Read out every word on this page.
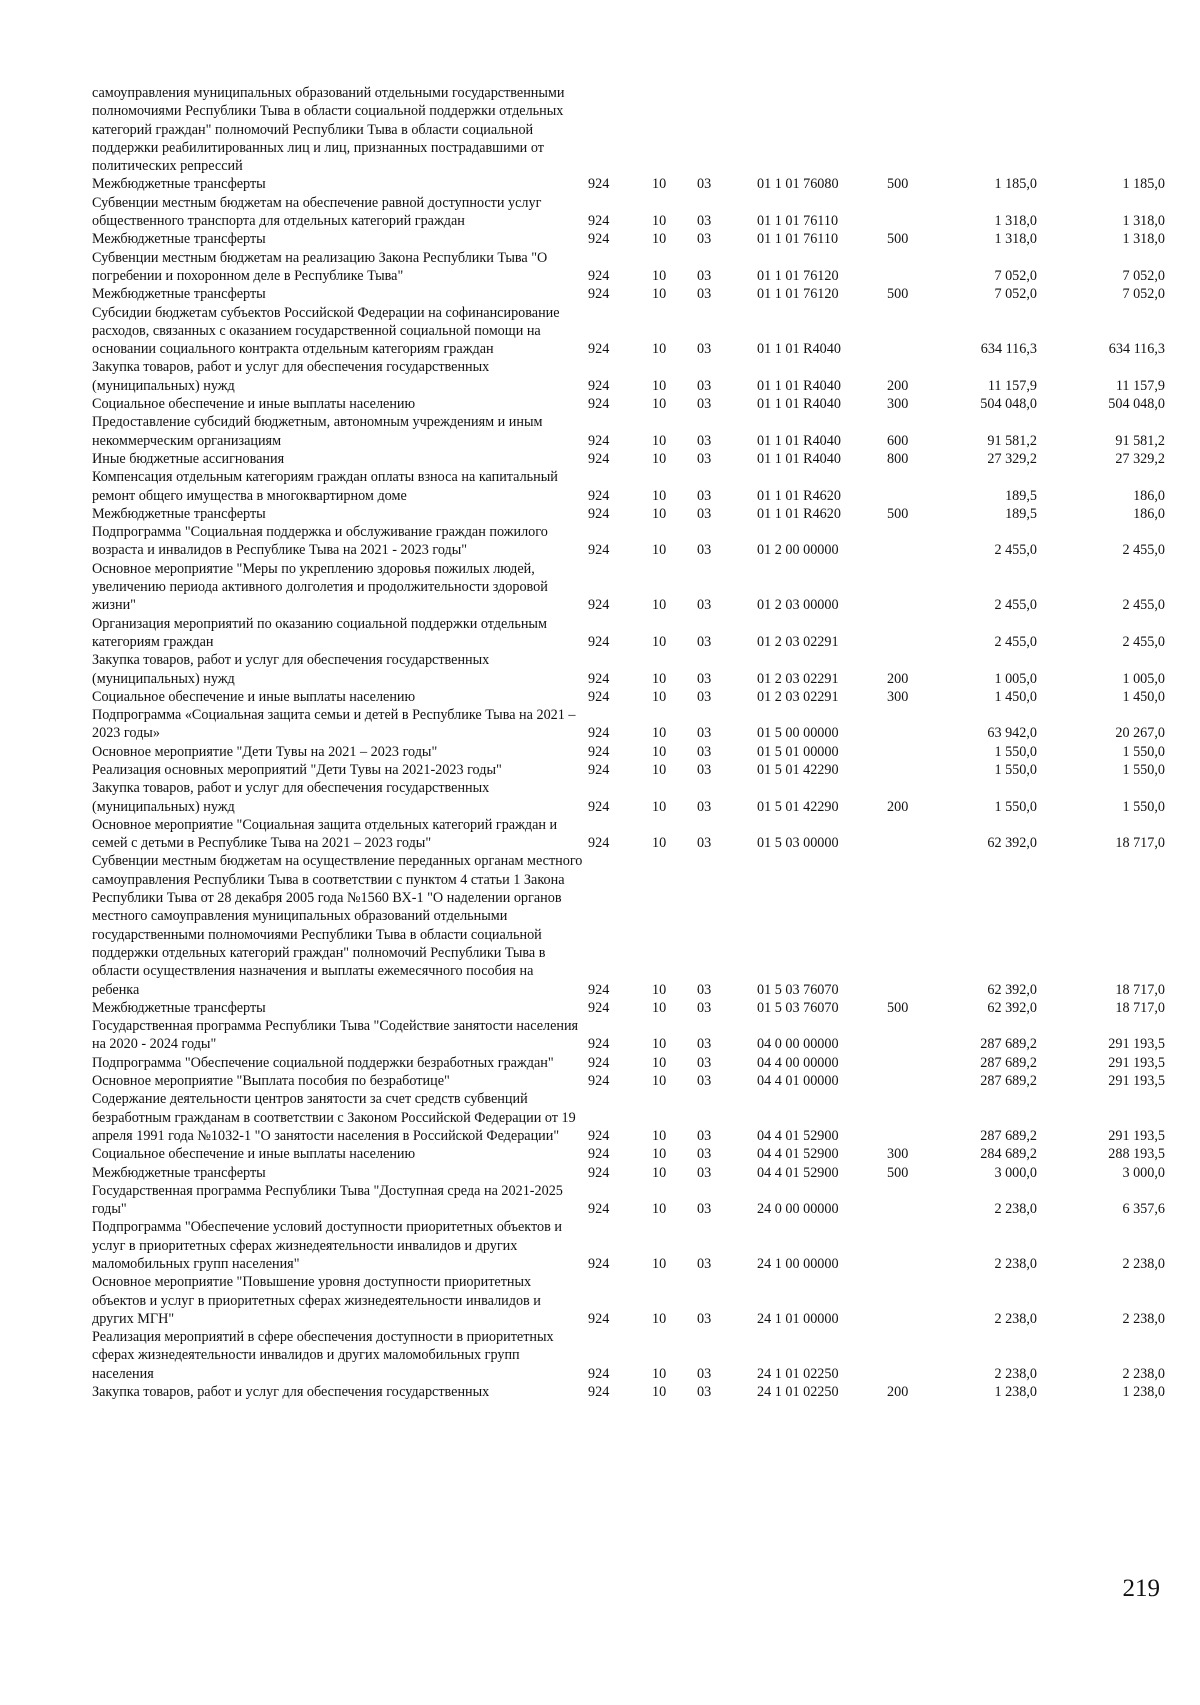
самоуправления муниципальных образований отдельными государственными полномочиями Республики Тыва в области социальной поддержки отдельных категорий граждан" полномочий Республики Тыва в области социальной поддержки реабилитированных лиц и лиц, признанных пострадавшими от политических репрессий							
Межбюджетные трансферты	924	10	03	01 1 01 76080	500	1 185,0	1 185,0
Субвенции местным бюджетам на обеспечение равной доступности услуг общественного транспорта для отдельных категорий граждан	924	10	03	01 1 01 76110		1 318,0	1 318,0
Межбюджетные трансферты	924	10	03	01 1 01 76110	500	1 318,0	1 318,0
Субвенции местным бюджетам на реализацию Закона Республики Тыва "О погребении и похоронном деле в Республике Тыва"	924	10	03	01 1 01 76120		7 052,0	7 052,0
Межбюджетные трансферты	924	10	03	01 1 01 76120	500	7 052,0	7 052,0
Субсидии бюджетам субъектов Российской Федерации на софинансирование расходов, связанных с оказанием государственной социальной помощи на основании социального контракта отдельным категориям граждан	924	10	03	01 1 01 R4040		634 116,3	634 116,3
Закупка товаров, работ и услуг для обеспечения государственных (муниципальных) нужд	924	10	03	01 1 01 R4040	200	11 157,9	11 157,9
Социальное обеспечение и иные выплаты населению	924	10	03	01 1 01 R4040	300	504 048,0	504 048,0
Предоставление субсидий бюджетным, автономным учреждениям и иным некоммерческим организациям	924	10	03	01 1 01 R4040	600	91 581,2	91 581,2
Иные бюджетные ассигнования	924	10	03	01 1 01 R4040	800	27 329,2	27 329,2
Компенсация отдельным категориям граждан оплаты взноса на капитальный ремонт общего имущества в многоквартирном доме	924	10	03	01 1 01 R4620		189,5	186,0
Межбюджетные трансферты	924	10	03	01 1 01 R4620	500	189,5	186,0
Подпрограмма "Социальная поддержка и обслуживание граждан пожилого возраста и инвалидов в Республике Тыва на 2021 - 2023 годы"	924	10	03	01 2 00 00000		2 455,0	2 455,0
Основное мероприятие "Меры по укреплению здоровья пожилых людей, увеличению периода активного долголетия и продолжительности здоровой жизни"	924	10	03	01 2 03 00000		2 455,0	2 455,0
Организация мероприятий по оказанию социальной поддержки отдельным категориям граждан	924	10	03	01 2 03 02291		2 455,0	2 455,0
Закупка товаров, работ и услуг для обеспечения государственных (муниципальных) нужд	924	10	03	01 2 03 02291	200	1 005,0	1 005,0
Социальное обеспечение и иные выплаты населению	924	10	03	01 2 03 02291	300	1 450,0	1 450,0
Подпрограмма «Социальная защита семьи и детей в Республике Тыва на 2021 – 2023 годы»	924	10	03	01 5 00 00000		63 942,0	20 267,0
Основное мероприятие "Дети Тувы на 2021 – 2023 годы"	924	10	03	01 5 01 00000		1 550,0	1 550,0
Реализация основных мероприятий "Дети Тувы на 2021-2023 годы"	924	10	03	01 5 01 42290		1 550,0	1 550,0
Закупка товаров, работ и услуг для обеспечения государственных (муниципальных) нужд	924	10	03	01 5 01 42290	200	1 550,0	1 550,0
Основное мероприятие "Социальная защита отдельных категорий граждан и семей с детьми в Республике Тыва на 2021 – 2023 годы"	924	10	03	01 5 03 00000		62 392,0	18 717,0
Субвенции местным бюджетам на осуществление переданных органам местного самоуправления Республики Тыва в соответствии с пунктом 4 статьи 1 Закона Республики Тыва от 28 декабря 2005 года №1560 ВХ-1 "О наделении органов местного самоуправления муниципальных образований отдельными государственными полномочиями Республики Тыва в области социальной поддержки отдельных категорий граждан" полномочий Республики Тыва в области осуществления назначения и выплаты ежемесячного пособия на ребенка	924	10	03	01 5 03 76070		62 392,0	18 717,0
Межбюджетные трансферты	924	10	03	01 5 03 76070	500	62 392,0	18 717,0
Государственная программа Республики Тыва "Содействие занятости населения на 2020 - 2024 годы"	924	10	03	04 0 00 00000		287 689,2	291 193,5
Подпрограмма "Обеспечение социальной поддержки безработных граждан"	924	10	03	04 4 00 00000		287 689,2	291 193,5
Основное мероприятие "Выплата пособия по безработице"	924	10	03	04 4 01 00000		287 689,2	291 193,5
Содержание деятельности центров занятости за счет средств субвенций безработным гражданам в соответствии с Законом Российской Федерации от 19 апреля 1991 года №1032-1 "О занятости населения в Российской Федерации"	924	10	03	04 4 01 52900		287 689,2	291 193,5
Социальное обеспечение и иные выплаты населению	924	10	03	04 4 01 52900	300	284 689,2	288 193,5
Межбюджетные трансферты	924	10	03	04 4 01 52900	500	3 000,0	3 000,0
Государственная программа Республики Тыва "Доступная среда на 2021-2025 годы"	924	10	03	24 0 00 00000		2 238,0	6 357,6
Подпрограмма "Обеспечение условий доступности приоритетных объектов и услуг в приоритетных сферах жизнедеятельности инвалидов и других маломобильных групп населения"	924	10	03	24 1 00 00000		2 238,0	2 238,0
Основное мероприятие "Повышение уровня доступности приоритетных объектов и услуг в приоритетных сферах жизнедеятельности инвалидов и других МГН"	924	10	03	24 1 01 00000		2 238,0	2 238,0
Реализация мероприятий в сфере обеспечения доступности в приоритетных сферах жизнедеятельности инвалидов и других маломобильных групп населения	924	10	03	24 1 01 02250		2 238,0	2 238,0
Закупка товаров, работ и услуг для обеспечения государственных	924	10	03	24 1 01 02250	200	1 238,0	1 238,0
219
